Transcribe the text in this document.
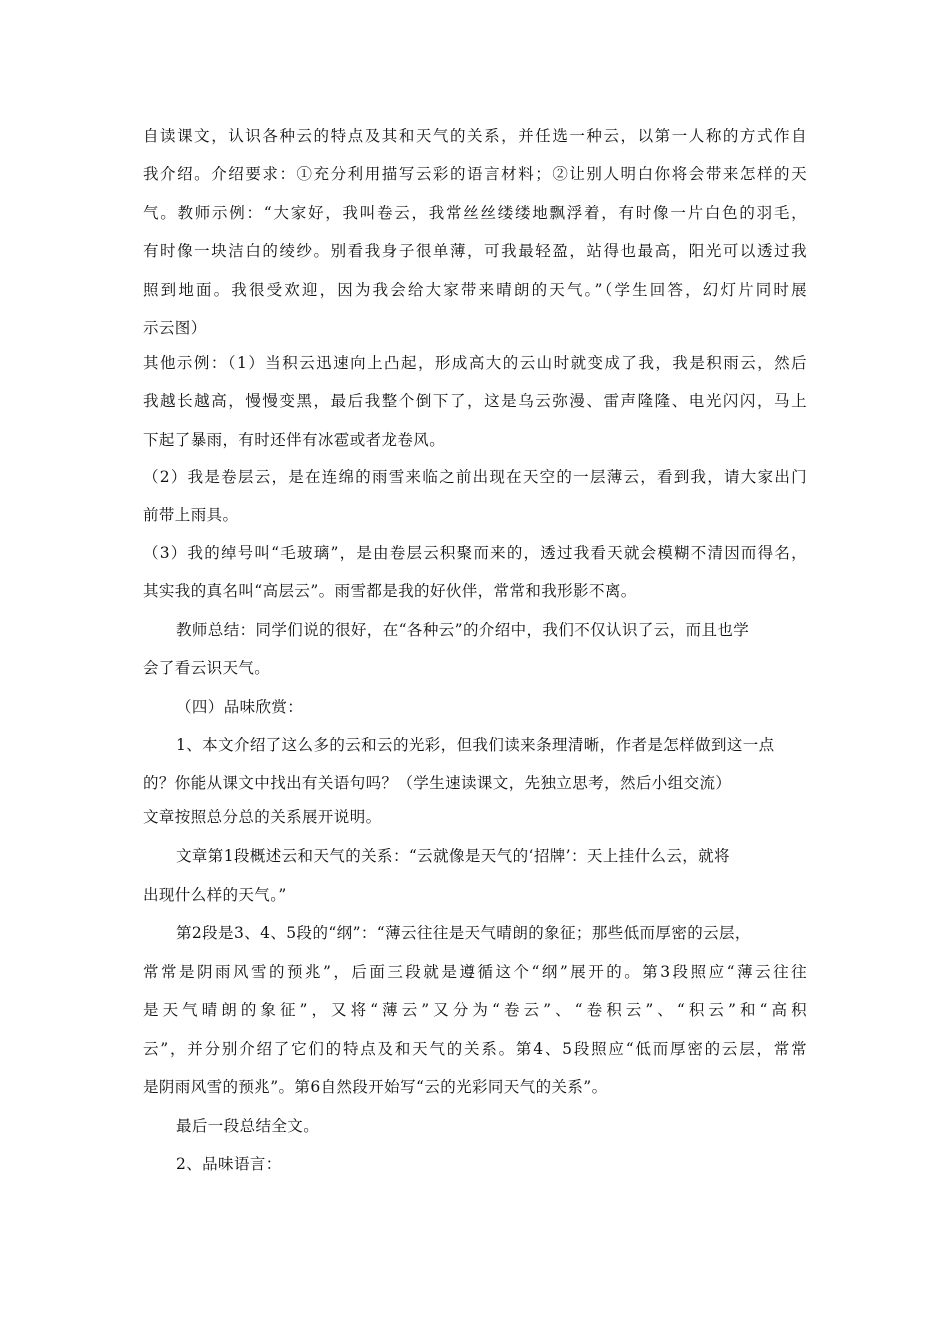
自读课文，认识各种云的特点及其和天气的关系，并任选一种云，以第一人称的方式作自
我介绍。介绍要求：①充分利用描写云彩的语言材料；②让别人明白你将会带来怎样的天
气。教师示例：“大家好，我叫卷云，我常丝丝缕缕地飘浮着，有时像一片白色的羽毛，
有时像一块洁白的绫纱。别看我身子很单薄，可我最轻盈，站得也最高，阳光可以透过我
照到地面。我很受欢迎，因为我会给大家带来晴朗的天气。”（学生回答，幻灯片同时展
示云图）
其他示例：（1）当积云迅速向上凸起，形成高大的云山时就变成了我，我是积雨云，然后
我越长越高，慢慢变黑，最后我整个倒下了，这是乌云弥漫、雷声隆隆、电光闪闪，马上
下起了暴雨，有时还伴有冰雹或者龙卷风。
（2）我是卷层云，是在连绵的雨雪来临之前出现在天空的一层薄云，看到我，请大家出门
前带上雨具。
（3）我的绰号叫“毛玻璃”，是由卷层云积聚而来的，透过我看天就会模糊不清因而得名，
其实我的真名叫“高层云”。雨雪都是我的好伙伴，常常和我形影不离。
教师总结：同学们说的很好，在“各种云”的介绍中，我们不仅认识了云，而且也学
会了看云识天气。
（四）品味欣赏：
1、本文介绍了这么多的云和云的光彩，但我们读来条理清晰，作者是怎样做到这一点
的？你能从课文中找出有关语句吗？（学生速读课文，先独立思考，然后小组交流）
文章按照总分总的关系展开说明。
文章第1段概述云和天气的关系：“云就像是天气的‘招牌’：天上挂什么云，就将
出现什么样的天气。”
第2段是3、4、5段的“纲”：“薄云往往是天气晴朗的象征；那些低而厚密的云层，
常常是阴雨风雪的预兆”，后面三段就是遵循这个“纲”展开的。第3段照应“薄云往往
是天气晴朗的象征”，又将“薄云”又分为“卷云”、“卷积云”、“积云”和“高积
云”，并分别介绍了它们的特点及和天气的关系。第4、5段照应“低而厚密的云层，常常
是阴雨风雪的预兆”。第6自然段开始写“云的光彩同天气的关系”。
最后一段总结全文。
2、品味语言：
